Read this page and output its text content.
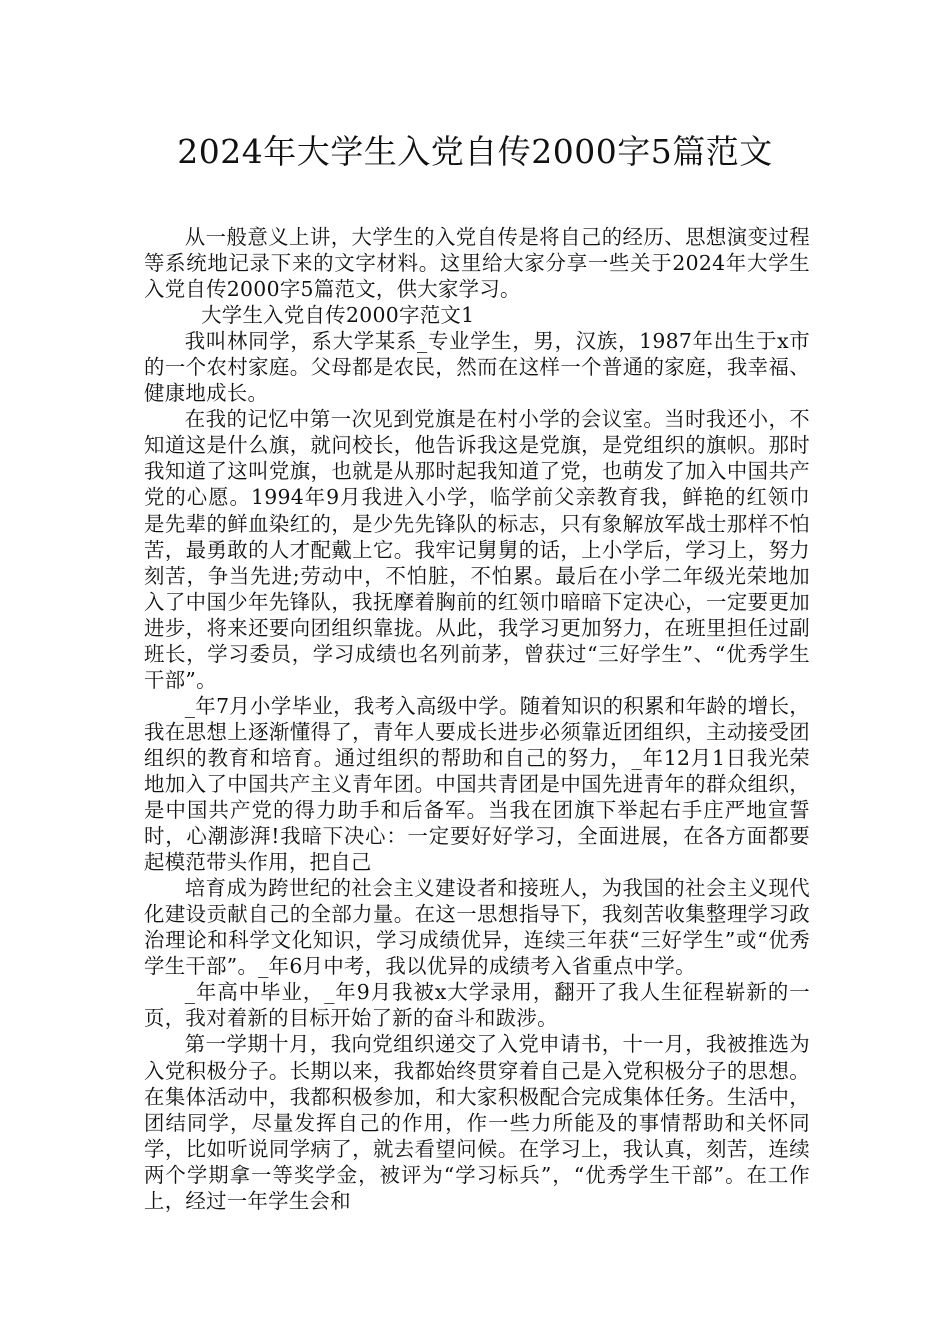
2024年大学生入党自传2000字5篇范文

从一般意义上讲，大学生的入党自传是将自己的经历、思想演变过程等系统地记录下来的文字材料。这里给大家分享一些关于2024年大学生入党自传2000字5篇范文，供大家学习。

大学生入党自传2000字范文1

我叫林同学，系大学某系_专业学生，男，汉族，1987年出生于x市的一个农村家庭。父母都是农民，然而在这样一个普通的家庭，我幸福、健康地成长。

在我的记忆中第一次见到党旗是在村小学的会议室。当时我还小，不知道这是什么旗，就问校长，他告诉我这是党旗，是党组织的旗帜。那时我知道了这叫党旗，也就是从那时起我知道了党，也萌发了加入中国共产党的心愿。1994年9月我进入小学，临学前父亲教育我，鲜艳的红领巾是先辈的鲜血染红的，是少先先锋队的标志，只有象解放军战士那样不怕苦，最勇敢的人才配戴上它。我牢记舅舅的话，上小学后，学习上，努力刻苦，争当先进;劳动中，不怕脏，不怕累。最后在小学二年级光荣地加入了中国少年先锋队，我抚摩着胸前的红领巾暗暗下定决心，一定要更加进步，将来还要向团组织靠拢。从此，我学习更加努力，在班里担任过副班长，学习委员，学习成绩也名列前茅，曾获过“三好学生”、“优秀学生干部”。

_年7月小学毕业，我考入高级中学。随着知识的积累和年龄的增长，我在思想上逐渐懂得了，青年人要成长进步必须靠近团组织，主动接受团组织的教育和培育。通过组织的帮助和自己的努力，_年12月1日我光荣地加入了中国共产主义青年团。中国共青团是中国先进青年的群众组织，是中国共产党的得力助手和后备军。当我在团旗下举起右手庄严地宣誓时，心潮澎湃!我暗下决心：一定要好好学习，全面进展，在各方面都要起模范带头作用，把自己

培育成为跨世纪的社会主义建设者和接班人，为我国的社会主义现代化建设贡献自己的全部力量。在这一思想指导下，我刻苦收集整理学习政治理论和科学文化知识，学习成绩优异，连续三年获“三好学生”或“优秀学生干部”。_年6月中考，我以优异的成绩考入省重点中学。

_年高中毕业，_年9月我被x大学录用，翻开了我人生征程崭新的一页，我对着新的目标开始了新的奋斗和跋涉。

第一学期十月，我向党组织递交了入党申请书，十一月，我被推选为入党积极分子。长期以来，我都始终贯穿着自己是入党积极分子的思想。在集体活动中，我都积极参加，和大家积极配合完成集体任务。生活中，团结同学，尽量发挥自己的作用，作一些力所能及的事情帮助和关怀同学，比如听说同学病了，就去看望问候。在学习上，我认真，刻苦，连续两个学期拿一等奖学金，被评为“学习标兵”，“优秀学生干部”。在工作上，经过一年学生会和
